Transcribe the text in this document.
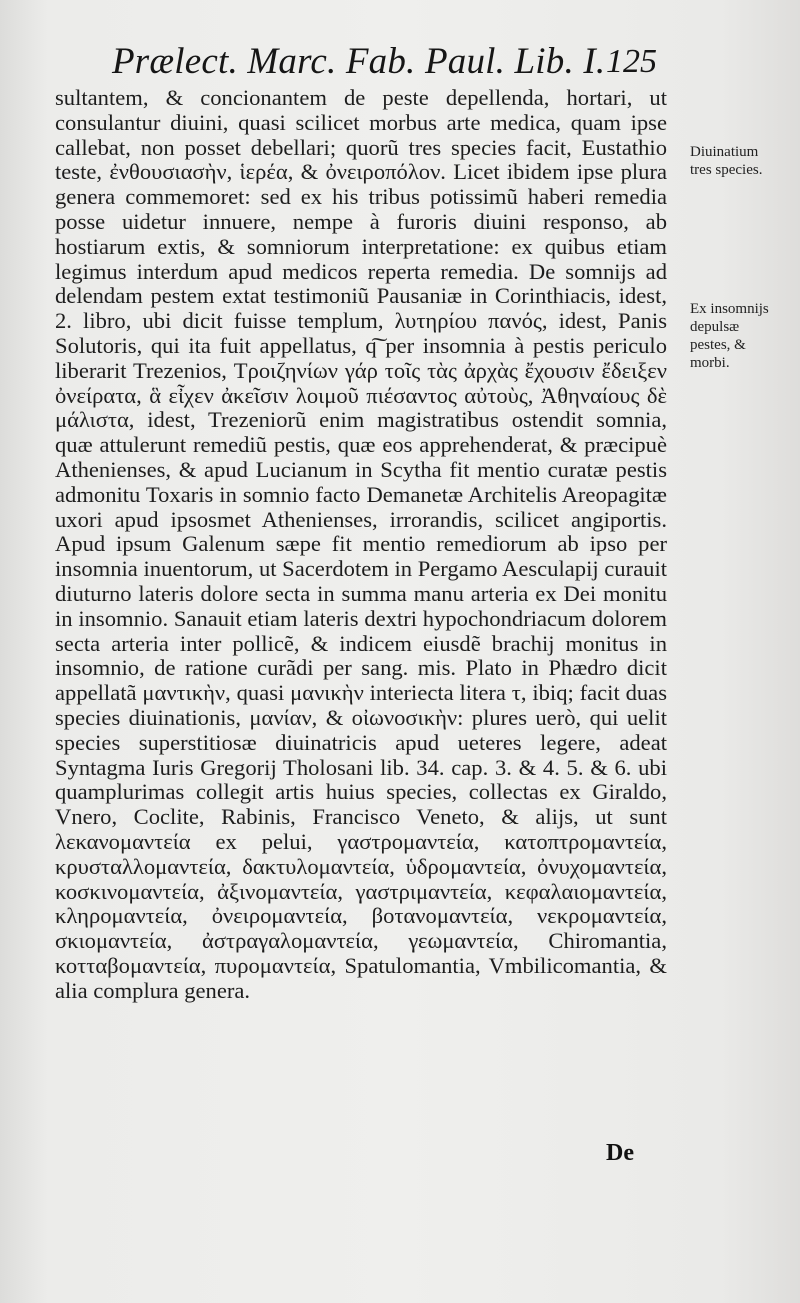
Prælect. Marc. Fab. Paul. Lib. I. 125

sultantem, & concionantem de peste depellenda, hortari, ut consulantur diuini, quasi scilicet morbus arte medica, quam ipse callebat, non posset debellari; quorũ tres species facit, Eustathio teste, ἐνθουσιασὴν, ἱερέα, & ὀνειροπόλον. Licet ibidem ipse plura genera commemoret: sed ex his tribus potissimũ haberi remedia posse uidetur innuere, nempe à furoris diuini responso, ab hostiarum extis, & somniorum interpretatione: ex quibus etiam legimus interdum apud medicos reperta remedia. De somnijs ad delendam pestem extat testimoniũ Pausaniæ in Corinthiacis, idest, 2. libro, ubi dicit fuisse templum, λυτηρίου πανός, idest, Panis Solutoris, qui ita fuit appellatus, q͠ per insomnia à pestis periculo liberarit Trezenios, Τροιζηνίων γάρ τοῖς τὰς ἀρχὰς ἔχουσιν ἔδειξεν ὀνείρατα, ἃ εἶχεν ἀκεῖσιν λοιμοῦ πιέσαντος αὐτοὺς, Ἀθηναίους δὲ μάλιστα, idest, Trezeniorũ enim magistratibus ostendit somnia, quæ attulerunt remediũ pestis, quæ eos apprehenderat, & præcipuè Athenienses, & apud Lucianum in Scytha fit mentio curatæ pestis admonitu Toxaris in somnio facto Demanetæ Architelis Areopagitæ uxori apud ipsosmet Athenienses, irrorandis, scilicet angiportis. Apud ipsum Galenum sæpe fit mentio remediorum ab ipso per insomnia inuentorum, ut Sacerdotem in Pergamo Aesculapij curauit diuturno lateris dolore secta in summa manu arteria ex Dei monitu in insomnio. Sanauit etiam lateris dextri hypochondriacum dolorem secta arteria inter pollicẽ, & indicem eiusdẽ brachij monitus in insomnio, de ratione curãdi per sang. mis. Plato in Phædro dicit appellatã μαντικὴν, quasi μανικὴν interiecta litera τ, ibiq; facit duas species diuinationis, μανίαν, & οἰωνοσικὴν: plures uerò, qui uelit species superstitiosæ diuinatricis apud ueteres legere, adeat Syntagma Iuris Gregorij Tholosani lib. 34. cap. 3. & 4. 5. & 6. ubi quamplurimas collegit artis huius species, collectas ex Giraldo, Vnero, Coclite, Rabinis, Francisco Veneto, & alijs, ut sunt λεκανομαντεία ex pelui, γαστρομαντεία, κατοπτρομαντεία, κρυσταλλομαντεία, δακτυλομαντεία, ὑδρομαντεία, ὀνυχομαντεία, κοσκινομαντεία, ἀξινομαντεία, γαστριμαντεία, κεφαλαιομαντεία, κληρομαντεία, ὀνειρομαντεία, βοτανομαντεία, νεκρομαντεία, σκιομαντεία, ἀστραγαλομαντεία, γεωμαντεία, Chiromantia, κοτταβομαντεία, πυρομαντεία, Spatulomantia, Vmbilicomantia, & alia complura genera.

Diuinatium tres species.

Ex insomnijs depulsæ pestes, & morbi.

De
